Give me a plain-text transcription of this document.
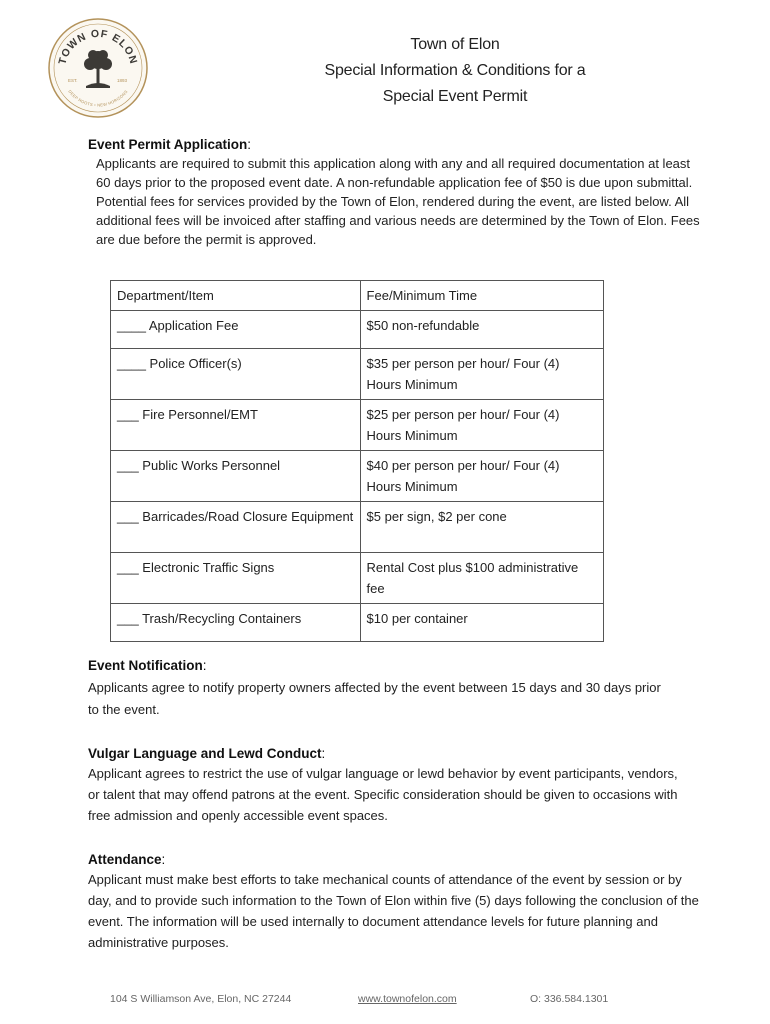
TOWN OF ELON
DEEP ROOTS • NEW HORIZONS
EST.	1893
Town of Elon
Special Information & Conditions for a
Special Event Permit
Event Permit Application:
Applicants are required to submit this application along with any and all required documentation at least 60 days prior to the proposed event date. A non-refundable application fee of $50 is due upon submittal. Potential fees for services provided by the Town of Elon, rendered during the event, are listed below. All additional fees will be invoiced after staffing and various needs are determined by the Town of Elon. Fees are due before the permit is approved.
Department/Item	Fee/Minimum Time
____ Application Fee	$50 non-refundable
____ Police Officer(s)	$35 per person per hour/ Four (4) Hours Minimum
___ Fire Personnel/EMT	$25 per person per hour/ Four (4) Hours Minimum
___ Public Works Personnel	$40 per person per hour/ Four (4) Hours Minimum
___ Barricades/Road Closure Equipment	$5 per sign, $2 per cone
___ Electronic Traffic Signs	Rental Cost plus $100 administrative fee
___ Trash/Recycling Containers	$10 per container
Event Notification:
Applicants agree to notify property owners affected by the event between 15 days and 30 days prior to the event.
Vulgar Language and Lewd Conduct:
Applicant agrees to restrict the use of vulgar language or lewd behavior by event participants, vendors, or talent that may offend patrons at the event. Specific consideration should be given to occasions with free admission and openly accessible event spaces.
Attendance:
Applicant must make best efforts to take mechanical counts of attendance of the event by session or by day, and to provide such information to the Town of Elon within five (5) days following the conclusion of the event. The information will be used internally to document attendance levels for future planning and administrative purposes.
104 S Williamson Ave, Elon, NC 27244	www.townofelon.com	O: 336.584.1301
